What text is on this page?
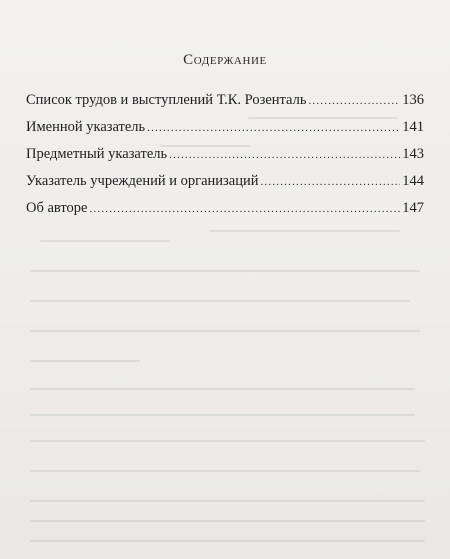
Содержание
Список трудов и выступлений Т.К. Розенталь .....	136
Именной указатель .....	141
Предметный указатель .....	143
Указатель учреждений и организаций .....	144
Об авторе .....	147
